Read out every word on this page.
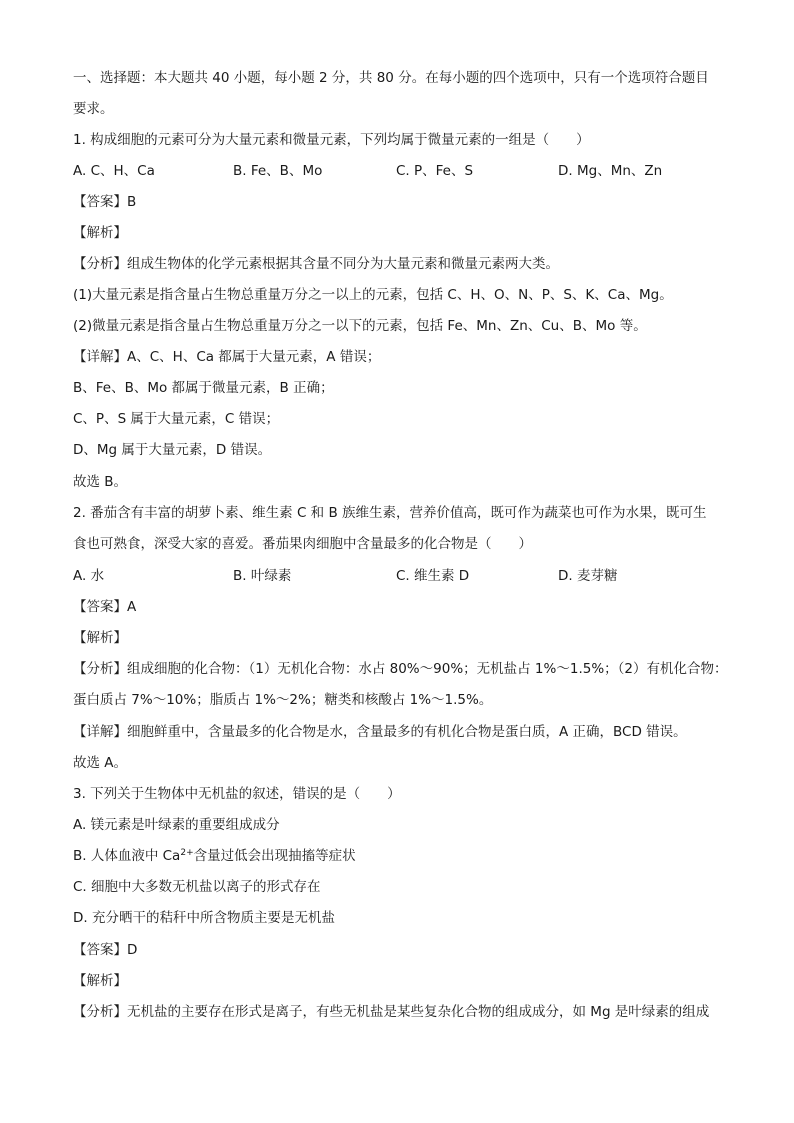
一、选择题：本大题共 40 小题，每小题 2 分，共 80 分。在每小题的四个选项中，只有一个选项符合题目
要求。
1. 构成细胞的元素可分为大量元素和微量元素，下列均属于微量元素的一组是（　　）
A. C、H、Ca	B. Fe、B、Mo	C. P、Fe、S	D. Mg、Mn、Zn
【答案】B
【解析】
【分析】组成生物体的化学元素根据其含量不同分为大量元素和微量元素两大类。
(1)大量元素是指含量占生物总重量万分之一以上的元素，包括 C、H、O、N、P、S、K、Ca、Mg。
(2)微量元素是指含量占生物总重量万分之一以下的元素，包括 Fe、Mn、Zn、Cu、B、Mo 等。
【详解】A、C、H、Ca 都属于大量元素，A 错误；
B、Fe、B、Mo 都属于微量元素，B 正确；
C、P、S 属于大量元素，C 错误；
D、Mg 属于大量元素，D 错误。
故选 B。
2. 番茄含有丰富的胡萝卜素、维生素 C 和 B 族维生素，营养价值高，既可作为蔬菜也可作为水果，既可生
食也可熟食，深受大家的喜爱。番茄果肉细胞中含量最多的化合物是（　　）
A. 水	B. 叶绿素	C. 维生素 D	D. 麦芽糖
【答案】A
【解析】
【分析】组成细胞的化合物：（1）无机化合物：水占 80%～90%；无机盐占 1%～1.5%；（2）有机化合物：
蛋白质占 7%～10%；脂质占 1%～2%；糖类和核酸占 1%～1.5%。
【详解】细胞鲜重中，含量最多的化合物是水，含量最多的有机化合物是蛋白质，A 正确，BCD 错误。
故选 A。
3. 下列关于生物体中无机盐的叙述，错误的是（　　）
A. 镁元素是叶绿素的重要组成成分
B. 人体血液中 $Ca^{2+}$含量过低会出现抽搐等症状
C. 细胞中大多数无机盐以离子的形式存在
D. 充分晒干的秸秆中所含物质主要是无机盐
【答案】D
【解析】
【分析】无机盐的主要存在形式是离子，有些无机盐是某些复杂化合物的组成成分，如 Mg 是叶绿素的组成
